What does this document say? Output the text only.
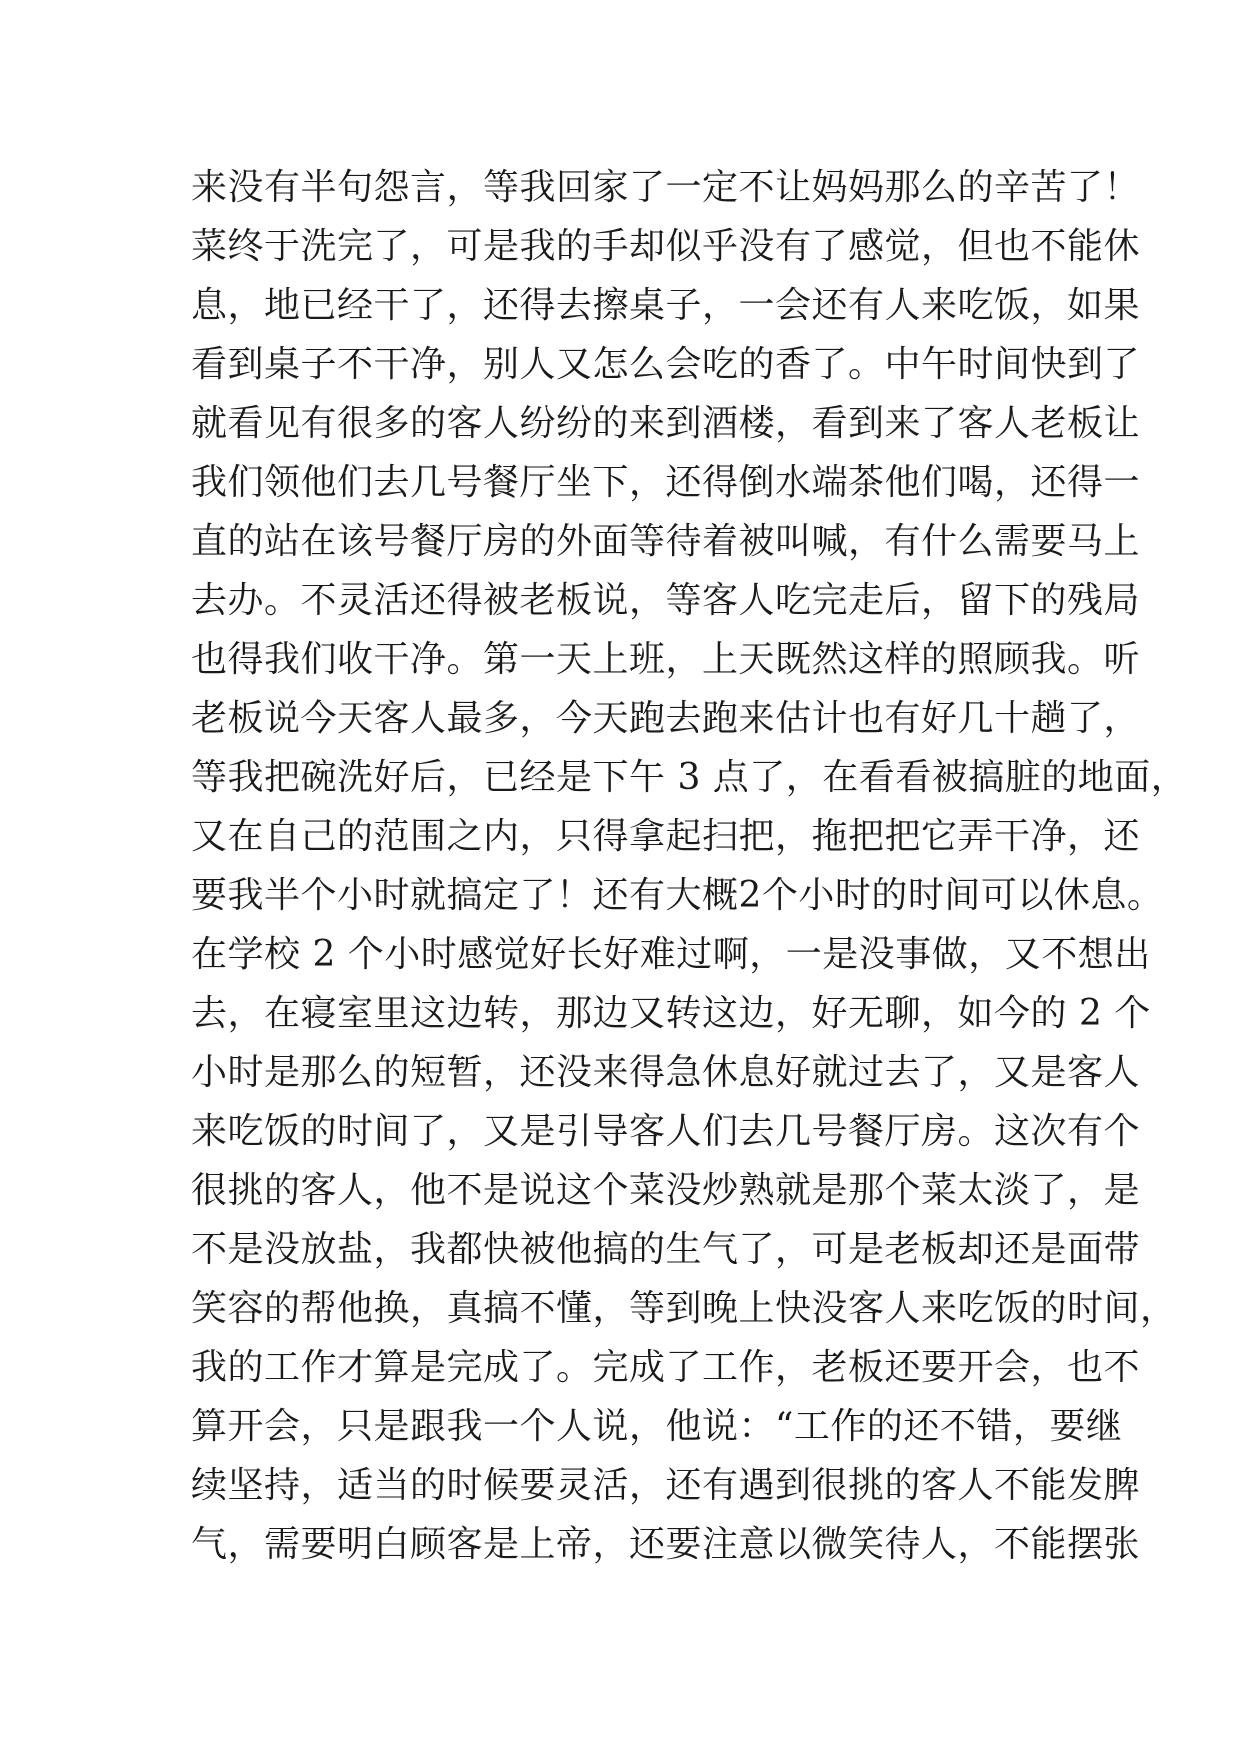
来没有半句怨言，等我回家了一定不让妈妈那么的辛苦了！
菜终于洗完了，可是我的手却似乎没有了感觉，但也不能休
息，地已经干了，还得去擦桌子，一会还有人来吃饭，如果
看到桌子不干净，别人又怎么会吃的香了。中午时间快到了
就看见有很多的客人纷纷的来到酒楼，看到来了客人老板让
我们领他们去几号餐厅坐下，还得倒水端茶他们喝，还得一
直的站在该号餐厅房的外面等待着被叫喊，有什么需要马上
去办。不灵活还得被老板说，等客人吃完走后，留下的残局
也得我们收干净。第一天上班，上天既然这样的照顾我。听
老板说今天客人最多，今天跑去跑来估计也有好几十趟了，
等我把碗洗好后，已经是下午 3 点了，在看看被搞脏的地面，
又在自己的范围之内，只得拿起扫把，拖把把它弄干净，还
要我半个小时就搞定了！还有大概2个小时的时间可以休息。
在学校 2 个小时感觉好长好难过啊，一是没事做，又不想出
去，在寝室里这边转，那边又转这边，好无聊，如今的 2 个
小时是那么的短暂，还没来得急休息好就过去了，又是客人
来吃饭的时间了，又是引导客人们去几号餐厅房。这次有个
很挑的客人，他不是说这个菜没炒熟就是那个菜太淡了，是
不是没放盐，我都快被他搞的生气了，可是老板却还是面带
笑容的帮他换，真搞不懂，等到晚上快没客人来吃饭的时间，
我的工作才算是完成了。完成了工作，老板还要开会，也不
算开会，只是跟我一个人说，他说：“工作的还不错，要继
续坚持，适当的时候要灵活，还有遇到很挑的客人不能发脾
气，需要明白顾客是上帝，还要注意以微笑待人，不能摆张
